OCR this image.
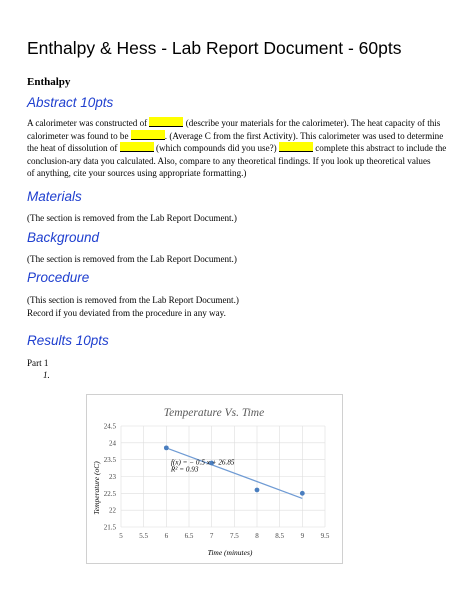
Enthalpy & Hess - Lab Report Document - 60pts
Enthalpy
Abstract 10pts
A calorimeter was constructed of	(describe your materials for the calorimeter). The heat capacity of this
calorimeter was found to be	. (Average C from the first Activity). This calorimeter was used to determine
the heat of dissolution of	(which compounds did you use?)	complete this abstract to include the
conclusion-ary data you calculated. Also, compare to any theoretical findings. If you look up theoretical values
of anything, cite your sources using appropriate formatting.)
Materials
(The section is removed from the Lab Report Document.)
Background
(The section is removed from the Lab Report Document.)
Procedure
(This section is removed from the Lab Report Document.)
Record if you deviated from the procedure in any way.
Results 10pts
Part 1
1.
Temperature Vs. Time
5 5.5 6 6.5 7 7.5 8 8.5 9 9.5
21.5
22
22.5
23
23.5
24
24.5
f(x) = − 0.5 x + 26.85
R² = 0.93
Time (minutes)
Temperature (oC)
